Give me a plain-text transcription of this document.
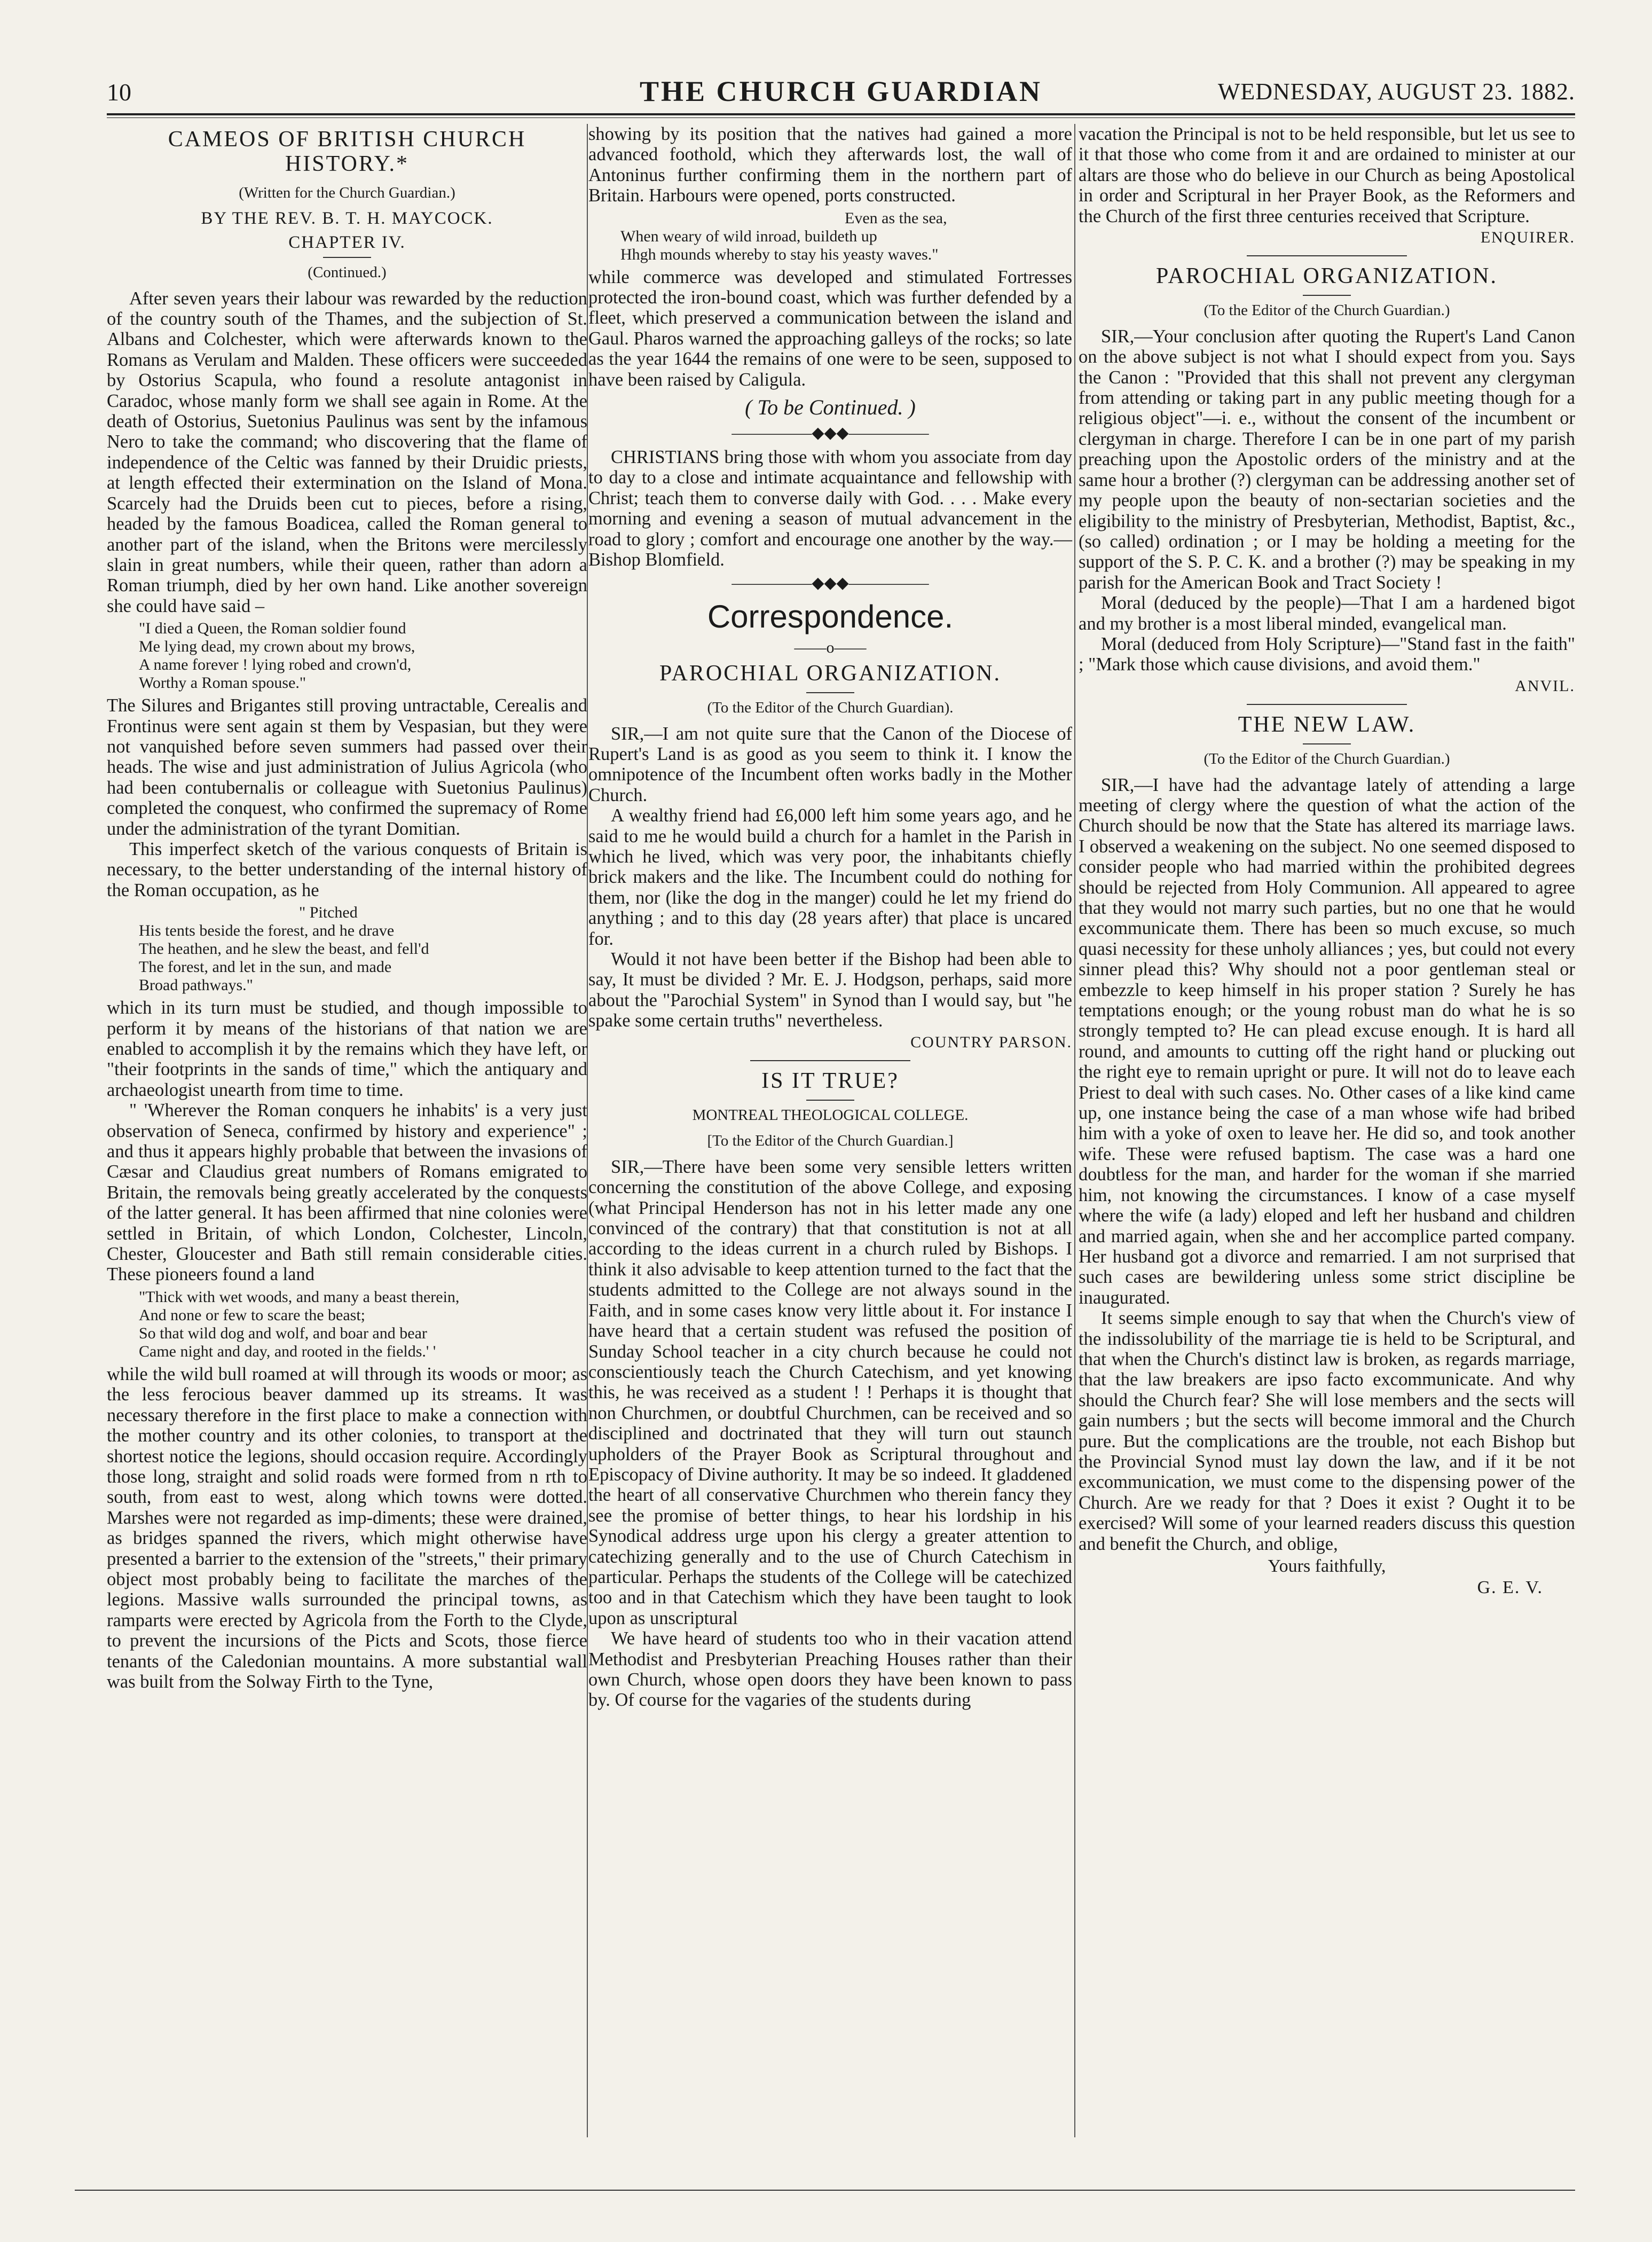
10	THE CHURCH GUARDIAN	WEDNESDAY, AUGUST 23. 1882.
CAMEOS OF BRITISH CHURCH HISTORY.*
(Written for the Church Guardian.)
BY THE REV. B. T. H. MAYCOCK.
CHAPTER IV.
(Continued.)

After seven years their labour was rewarded by the reduction of the country south of the Thames, and the subjection of St. Albans and Colchester, which were afterwards known to the Romans as Verulam and Malden. These officers were succeeded by Ostorius Scapula, who found a resolute antagonist in Caradoc, whose manly form we shall see again in Rome. At the death of Ostorius, Suetonius Paulinus was sent by the infamous Nero to take the command; who discovering that the flame of independence of the Celtic was fanned by their Druidic priests, at length effected their extermination on the Island of Mona. Scarcely had the Druids been cut to pieces, before a rising, headed by the famous Boadicea, called the Roman general to another part of the island, when the Britons were mercilessly slain in great numbers, while their queen, rather than adorn a Roman triumph, died by her own hand. Like another sovereign she could have said –

"I died a Queen, the Roman soldier found
Me lying dead, my crown about my brows,
A name forever ! lying robed and crown'd,
Worthy a Roman spouse."

The Silures and Brigantes still proving untractable, Cerealis and Frontinus were sent again st them by Vespasian, but they were not vanquished before seven summers had passed over their heads. The wise and just administration of Julius Agricola (who had been contubernalis or colleague with Suetonius Paulinus) completed the conquest, who confirmed the supremacy of Rome under the administration of the tyrant Domitian.

This imperfect sketch of the various conquests of Britain is necessary, to the better understanding of the internal history of the Roman occupation, as he

" Pitched
His tents beside the forest, and he drave
The heathen, and he slew the beast, and fell'd
The forest, and let in the sun, and made
Broad pathways."

which in its turn must be studied, and though impossible to perform it by means of the historians of that nation we are enabled to accomplish it by the remains which they have left, or "their footprints in the sands of time," which the antiquary and archaeologist unearth from time to time.

" 'Wherever the Roman conquers he inhabits' is a very just observation of Seneca, confirmed by history and experience" ; and thus it appears highly probable that between the invasions of Cæsar and Claudius great numbers of Romans emigrated to Britain, the removals being greatly accelerated by the conquests of the latter general. It has been affirmed that nine colonies were settled in Britain, of which London, Colchester, Lincoln, Chester, Gloucester and Bath still remain considerable cities. These pioneers found a land

"Thick with wet woods, and many a beast therein,
And none or few to scare the beast;
So that wild dog and wolf, and boar and bear
Came night and day, and rooted in the fields.' '

while the wild bull roamed at will through its woods or moor; as the less ferocious beaver dammed up its streams. It was necessary therefore in the first place to make a connection with the mother country and its other colonies, to transport at the shortest notice the legions, should occasion require. Accordingly those long, straight and solid roads were formed from n rth to south, from east to west, along which towns were dotted. Marshes were not regarded as imp-diments; these were drained, as bridges spanned the rivers, which might otherwise have presented a barrier to the extension of the "streets," their primary object most probably being to facilitate the marches of the legions. Massive walls surrounded the principal towns, as ramparts were erected by Agricola from the Forth to the Clyde, to prevent the incursions of the Picts and Scots, those fierce tenants of the Caledonian mountains. A more substantial wall was built from the Solway Firth to the Tyne,

showing by its position that the natives had gained a more advanced foothold, which they afterwards lost, the wall of Antoninus further confirming them in the northern part of Britain. Harbours were opened, ports constructed.

Even as the sea,
When weary of wild inroad, buildeth up
Hhgh mounds whereby to stay his yeasty waves."

while commerce was developed and stimulated Fortresses protected the iron-bound coast, which was further defended by a fleet, which preserved a communication between the island and Gaul. Pharos warned the approaching galleys of the rocks; so late as the year 1644 the remains of one were to be seen, supposed to have been raised by Caligula.

( To be Continued. )
—————◆◆◆—————

CHRISTIANS bring those with whom you associate from day to day to a close and intimate acquaintance and fellowship with Christ; teach them to converse daily with God. . . . Make every morning and evening a season of mutual advancement in the road to glory ; comfort and encourage one another by the way.—Bishop Blomfield.

—————◆◆◆—————
Correspondence.
——o——
PAROCHIAL ORGANIZATION.
(To the Editor of the Church Guardian).

SIR,—I am not quite sure that the Canon of the Diocese of Rupert's Land is as good as you seem to think it. I know the omnipotence of the Incumbent often works badly in the Mother Church.

A wealthy friend had £6,000 left him some years ago, and he said to me he would build a church for a hamlet in the Parish in which he lived, which was very poor, the inhabitants chiefly brick makers and the like. The Incumbent could do nothing for them, nor (like the dog in the manger) could he let my friend do anything ; and to this day (28 years after) that place is uncared for.

Would it not have been better if the Bishop had been able to say, It must be divided ? Mr. E. J. Hodgson, perhaps, said more about the "Parochial System" in Synod than I would say, but "he spake some certain truths" nevertheless.

COUNTRY PARSON.
IS IT TRUE?
MONTREAL THEOLOGICAL COLLEGE.
[To the Editor of the Church Guardian.]

SIR,—There have been some very sensible letters written concerning the constitution of the above College, and exposing (what Principal Henderson has not in his letter made any one convinced of the contrary) that that constitution is not at all according to the ideas current in a church ruled by Bishops. I think it also advisable to keep attention turned to the fact that the students admitted to the College are not always sound in the Faith, and in some cases know very little about it. For instance I have heard that a certain student was refused the position of Sunday School teacher in a city church because he could not conscientiously teach the Church Catechism, and yet knowing this, he was received as a student ! ! Perhaps it is thought that non Churchmen, or doubtful Churchmen, can be received and so disciplined and doctrinated that they will turn out staunch upholders of the Prayer Book as Scriptural throughout and Episcopacy of Divine authority. It may be so indeed. It gladdened the heart of all conservative Churchmen who therein fancy they see the promise of better things, to hear his lordship in his Synodical address urge upon his clergy a greater attention to catechizing generally and to the use of Church Catechism in particular. Perhaps the students of the College will be catechized too and in that Catechism which they have been taught to look upon as unscriptural

We have heard of students too who in their vacation attend Methodist and Presbyterian Preaching Houses rather than their own Church, whose open doors they have been known to pass by. Of course for the vagaries of the students during

vacation the Principal is not to be held responsible, but let us see to it that those who come from it and are ordained to minister at our altars are those who do believe in our Church as being Apostolical in order and Scriptural in her Prayer Book, as the Reformers and the Church of the first three centuries received that Scripture.

ENQUIRER.
PAROCHIAL ORGANIZATION.
(To the Editor of the Church Guardian.)

SIR,—Your conclusion after quoting the Rupert's Land Canon on the above subject is not what I should expect from you. Says the Canon : "Provided that this shall not prevent any clergyman from attending or taking part in any public meeting though for a religious object"—i. e., without the consent of the incumbent or clergyman in charge. Therefore I can be in one part of my parish preaching upon the Apostolic orders of the ministry and at the same hour a brother (?) clergyman can be addressing another set of my people upon the beauty of non-sectarian societies and the eligibility to the ministry of Presbyterian, Methodist, Baptist, &c., (so called) ordination ; or I may be holding a meeting for the support of the S. P. C. K. and a brother (?) may be speaking in my parish for the American Book and Tract Society !

Moral (deduced by the people)—That I am a hardened bigot and my brother is a most liberal minded, evangelical man.

Moral (deduced from Holy Scripture)—"Stand fast in the faith" ; "Mark those which cause divisions, and avoid them."

ANVIL.
THE NEW LAW.
(To the Editor of the Church Guardian.)

SIR,—I have had the advantage lately of attending a large meeting of clergy where the question of what the action of the Church should be now that the State has altered its marriage laws. I observed a weakening on the subject. No one seemed disposed to consider people who had married within the prohibited degrees should be rejected from Holy Communion. All appeared to agree that they would not marry such parties, but no one that he would excommunicate them. There has been so much excuse, so much quasi necessity for these unholy alliances ; yes, but could not every sinner plead this? Why should not a poor gentleman steal or embezzle to keep himself in his proper station ? Surely he has temptations enough; or the young robust man do what he is so strongly tempted to? He can plead excuse enough. It is hard all round, and amounts to cutting off the right hand or plucking out the right eye to remain upright or pure. It will not do to leave each Priest to deal with such cases. No. Other cases of a like kind came up, one instance being the case of a man whose wife had bribed him with a yoke of oxen to leave her. He did so, and took another wife. These were refused baptism. The case was a hard one doubtless for the man, and harder for the woman if she married him, not knowing the circumstances. I know of a case myself where the wife (a lady) eloped and left her husband and children and married again, when she and her accomplice parted company. Her husband got a divorce and remarried. I am not surprised that such cases are bewildering unless some strict discipline be inaugurated.

It seems simple enough to say that when the Church's view of the indissolubility of the marriage tie is held to be Scriptural, and that when the Church's distinct law is broken, as regards marriage, that the law breakers are ipso facto excommunicate. And why should the Church fear? She will lose members and the sects will gain numbers ; but the sects will become immoral and the Church pure. But the complications are the trouble, not each Bishop but the Provincial Synod must lay down the law, and if it be not excommunication, we must come to the dispensing power of the Church. Are we ready for that ? Does it exist ? Ought it to be exercised? Will some of your learned readers discuss this question and benefit the Church, and oblige,

Yours faithfully,
G. E. V.
